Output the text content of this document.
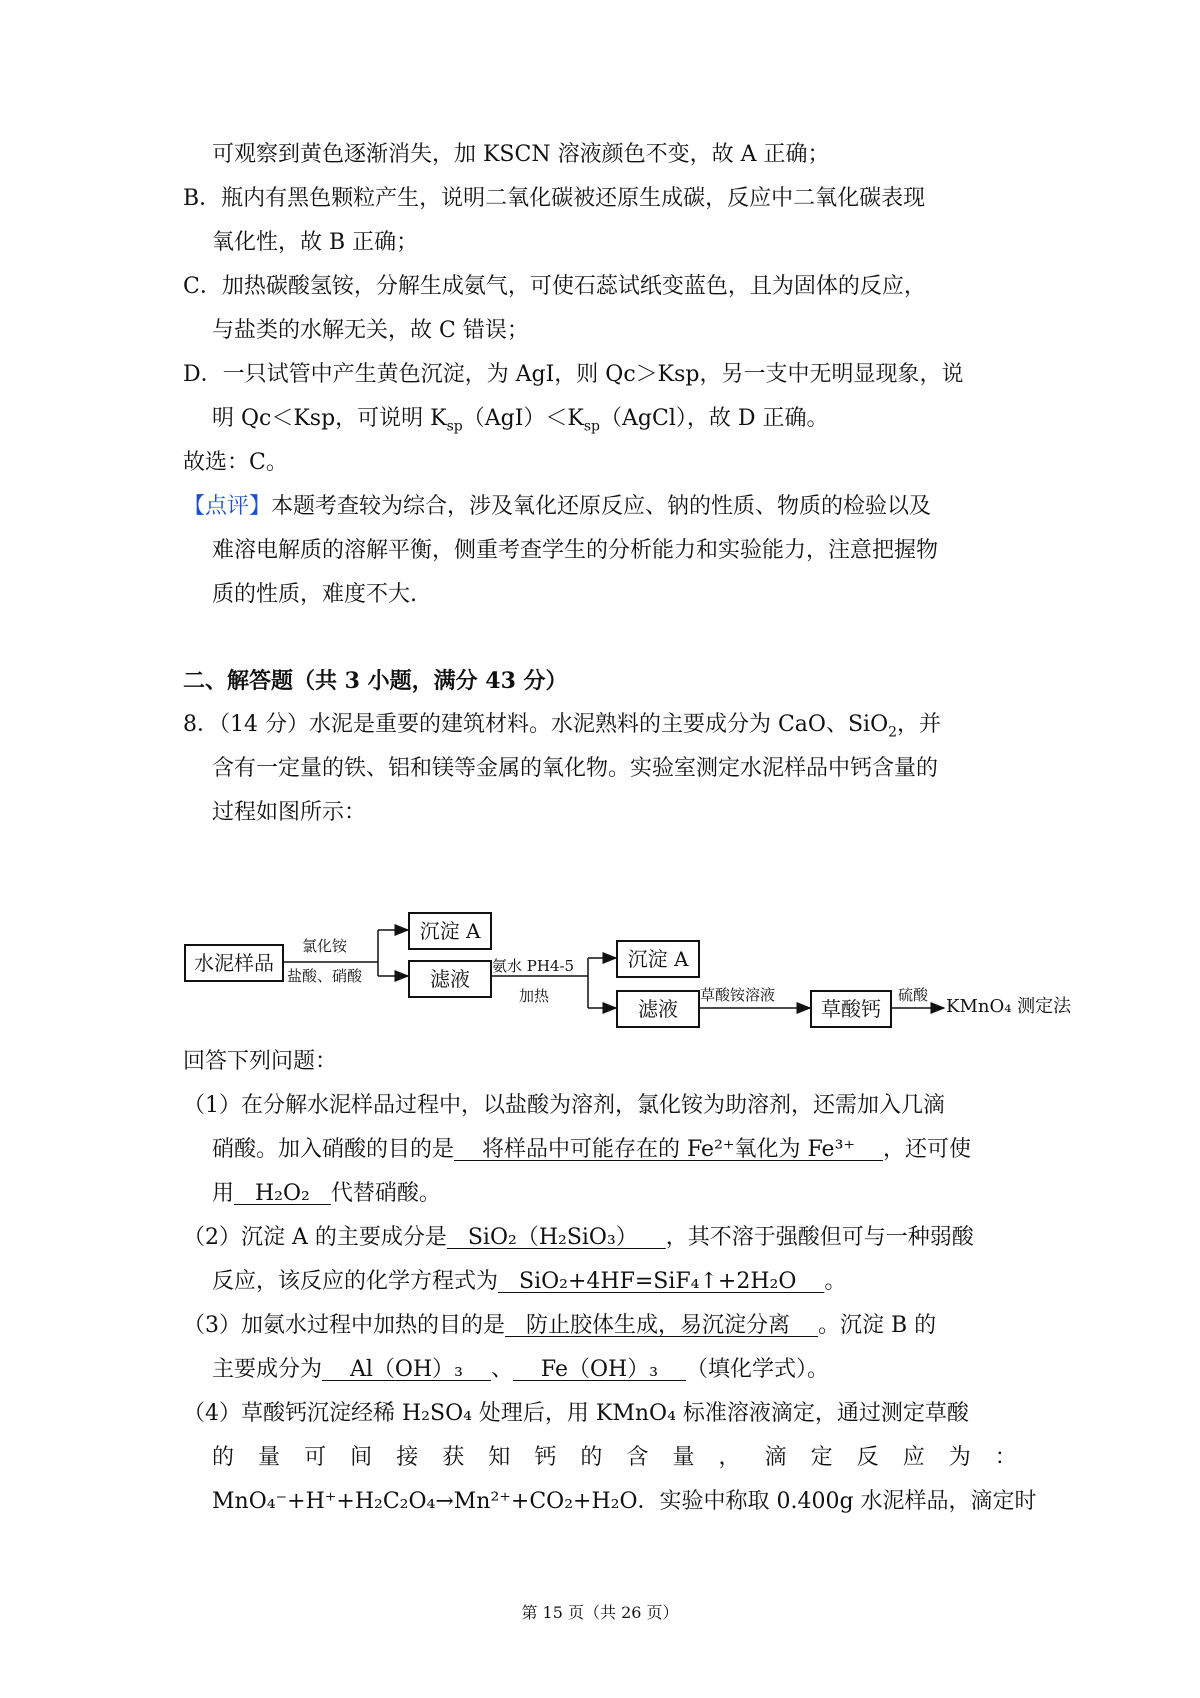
可观察到黄色逐渐消失，加 KSCN 溶液颜色不变，故 A 正确；
B．瓶内有黑色颗粒产生，说明二氧化碳被还原生成碳，反应中二氧化碳表现
氧化性，故 B 正确；
C．加热碳酸氢铵，分解生成氨气，可使石蕊试纸变蓝色，且为固体的反应，
与盐类的水解无关，故 C 错误；
D．一只试管中产生黄色沉淀，为 AgI，则 Qc＞Ksp，另一支中无明显现象，说
明 Qc＜Ksp，可说明 $K_{sp}(AgI)<K_{sp}(AgCl)$，故 D 正确。
故选：C。
【点评】本题考查较为综合，涉及氧化还原反应、钠的性质、物质的检验以及
难溶电解质的溶解平衡，侧重考查学生的分析能力和实验能力，注意把握物
质的性质，难度不大.
二、解答题（共 3 小题，满分 43 分）
8．（14 分）水泥是重要的建筑材料。水泥熟料的主要成分为 CaO、SiO$_2$，并
含有一定量的铁、铝和镁等金属的氧化物。实验室测定水泥样品中钙含量的
过程如图所示：
水泥样品
氯化铵
盐酸、硝酸
沉淀 A
滤液
氨水 PH4-5
加热
沉淀 A
滤液
草酸铵溶液
草酸钙
硫酸
KMnO₄ 测定法
回答下列问题：
（1）在分解水泥样品过程中，以盐酸为溶剂，氯化铵为助溶剂，还需加入几滴
硝酸。加入硝酸的目的是    将样品中可能存在的 Fe²⁺氧化为 Fe³⁺    ，还可使
用   H₂O₂   代替硝酸。
（2）沉淀 A 的主要成分是   SiO₂（H₂SiO₃）    ，其不溶于强酸但可与一种弱酸
反应，该反应的化学方程式为   SiO₂+4HF=SiF₄↑+2H₂O    。
（3）加氨水过程中加热的目的是   防止胶体生成，易沉淀分离    。沉淀 B 的
主要成分为    Al（OH）₃    、    Fe（OH）₃    （填化学式）。
（4）草酸钙沉淀经稀 H₂SO₄ 处理后，用 KMnO₄ 标准溶液滴定，通过测定草酸
的 量 可 间 接 获 知 钙 的 含 量 ， 滴 定 反 应 为 ：
MnO₄⁻+H⁺+H₂C₂O₄→Mn²⁺+CO₂+H₂O．实验中称取 0.400g 水泥样品，滴定时
第 15 页（共 26 页）
